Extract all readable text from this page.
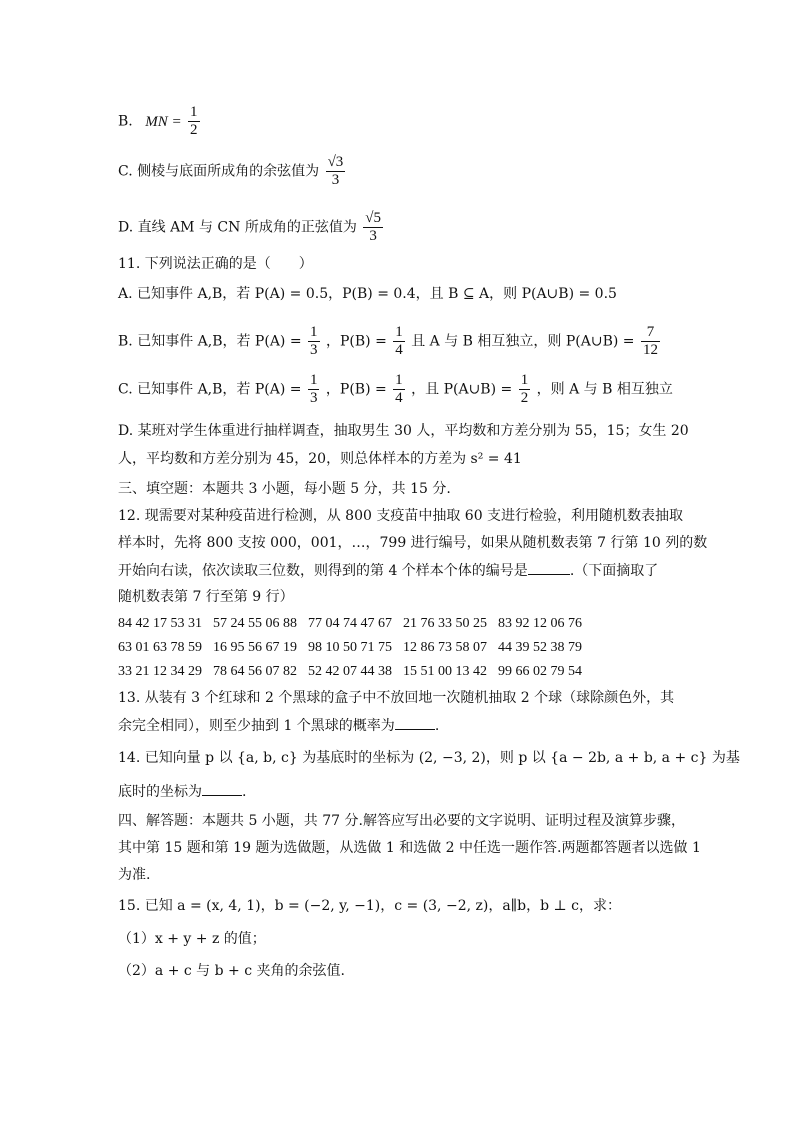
B. MN = $\frac{1}{2}$
C. 侧棱与底面所成角的余弦值为 $\frac{√3}{3}$
D. 直线 AM 与 CN 所成角的正弦值为 $\frac{√5}{3}$
11. 下列说法正确的是（　　）
A. 已知事件 A,B，若 P(A) = 0.5，P(B) = 0.4，且 B ⊆ A，则 P(A∪B) = 0.5
B. 已知事件 A,B，若 $P(A) = \frac{1}{3}$ ，$P(B) = \frac{1}{4}$ 且 A 与 B 相互独立，则 P(A∪B) = $\frac{7}{12}$
C. 已知事件 A,B，若 $P(A) = \frac{1}{3}$ ，$P(B) = \frac{1}{4}$ ，且 P(A∪B) = $\frac{1}{2}$ ，则 A 与 B 相互独立
D. 某班对学生体重进行抽样调查，抽取男生 30 人，平均数和方差分别为 55，15；女生 20
人，平均数和方差分别为 45，20，则总体样本的方差为 s² = 41
三、填空题：本题共 3 小题，每小题 5 分，共 15 分.
12. 现需要对某种疫苗进行检测，从 800 支疫苗中抽取 60 支进行检验，利用随机数表抽取
样本时，先将 800 支按 000，001，…，799 进行编号，如果从随机数表第 7 行第 10 列的数
开始向右读，依次读取三位数，则得到的第 4 个样本个体的编号是	.（下面摘取了
随机数表第 7 行至第 9 行）
84 42 17 53 31 57 24 55 06 88 77 04 74 47 67 21 76 33 50 25 83 92 12 06 76
63 01 63 78 59 16 95 56 67 19 98 10 50 71 75 12 86 73 58 07 44 39 52 38 79
33 21 12 34 29 78 64 56 07 82 52 42 07 44 38 15 51 00 13 42 99 66 02 79 54
13. 从装有 3 个红球和 2 个黑球的盒子中不放回地一次随机抽取 2 个球（球除颜色外，其
余完全相同），则至少抽到 1 个黑球的概率为	.
14. 已知向量 p 以 {a, b, c} 为基底时的坐标为 (2, −3, 2)，则 p 以 {a − 2b, a + b, a + c} 为基
底时的坐标为	.
四、解答题：本题共 5 小题，共 77 分.解答应写出必要的文字说明、证明过程及演算步骤，
其中第 15 题和第 19 题为选做题，从选做 1 和选做 2 中任选一题作答.两题都答题者以选做 1
为准.
15. 已知 a = (x, 4, 1)，b = (−2, y, −1)，c = (3, −2, z)，a∥b，b ⊥ c，求：
（1）x + y + z 的值；
（2）a + c 与 b + c 夹角的余弦值.
